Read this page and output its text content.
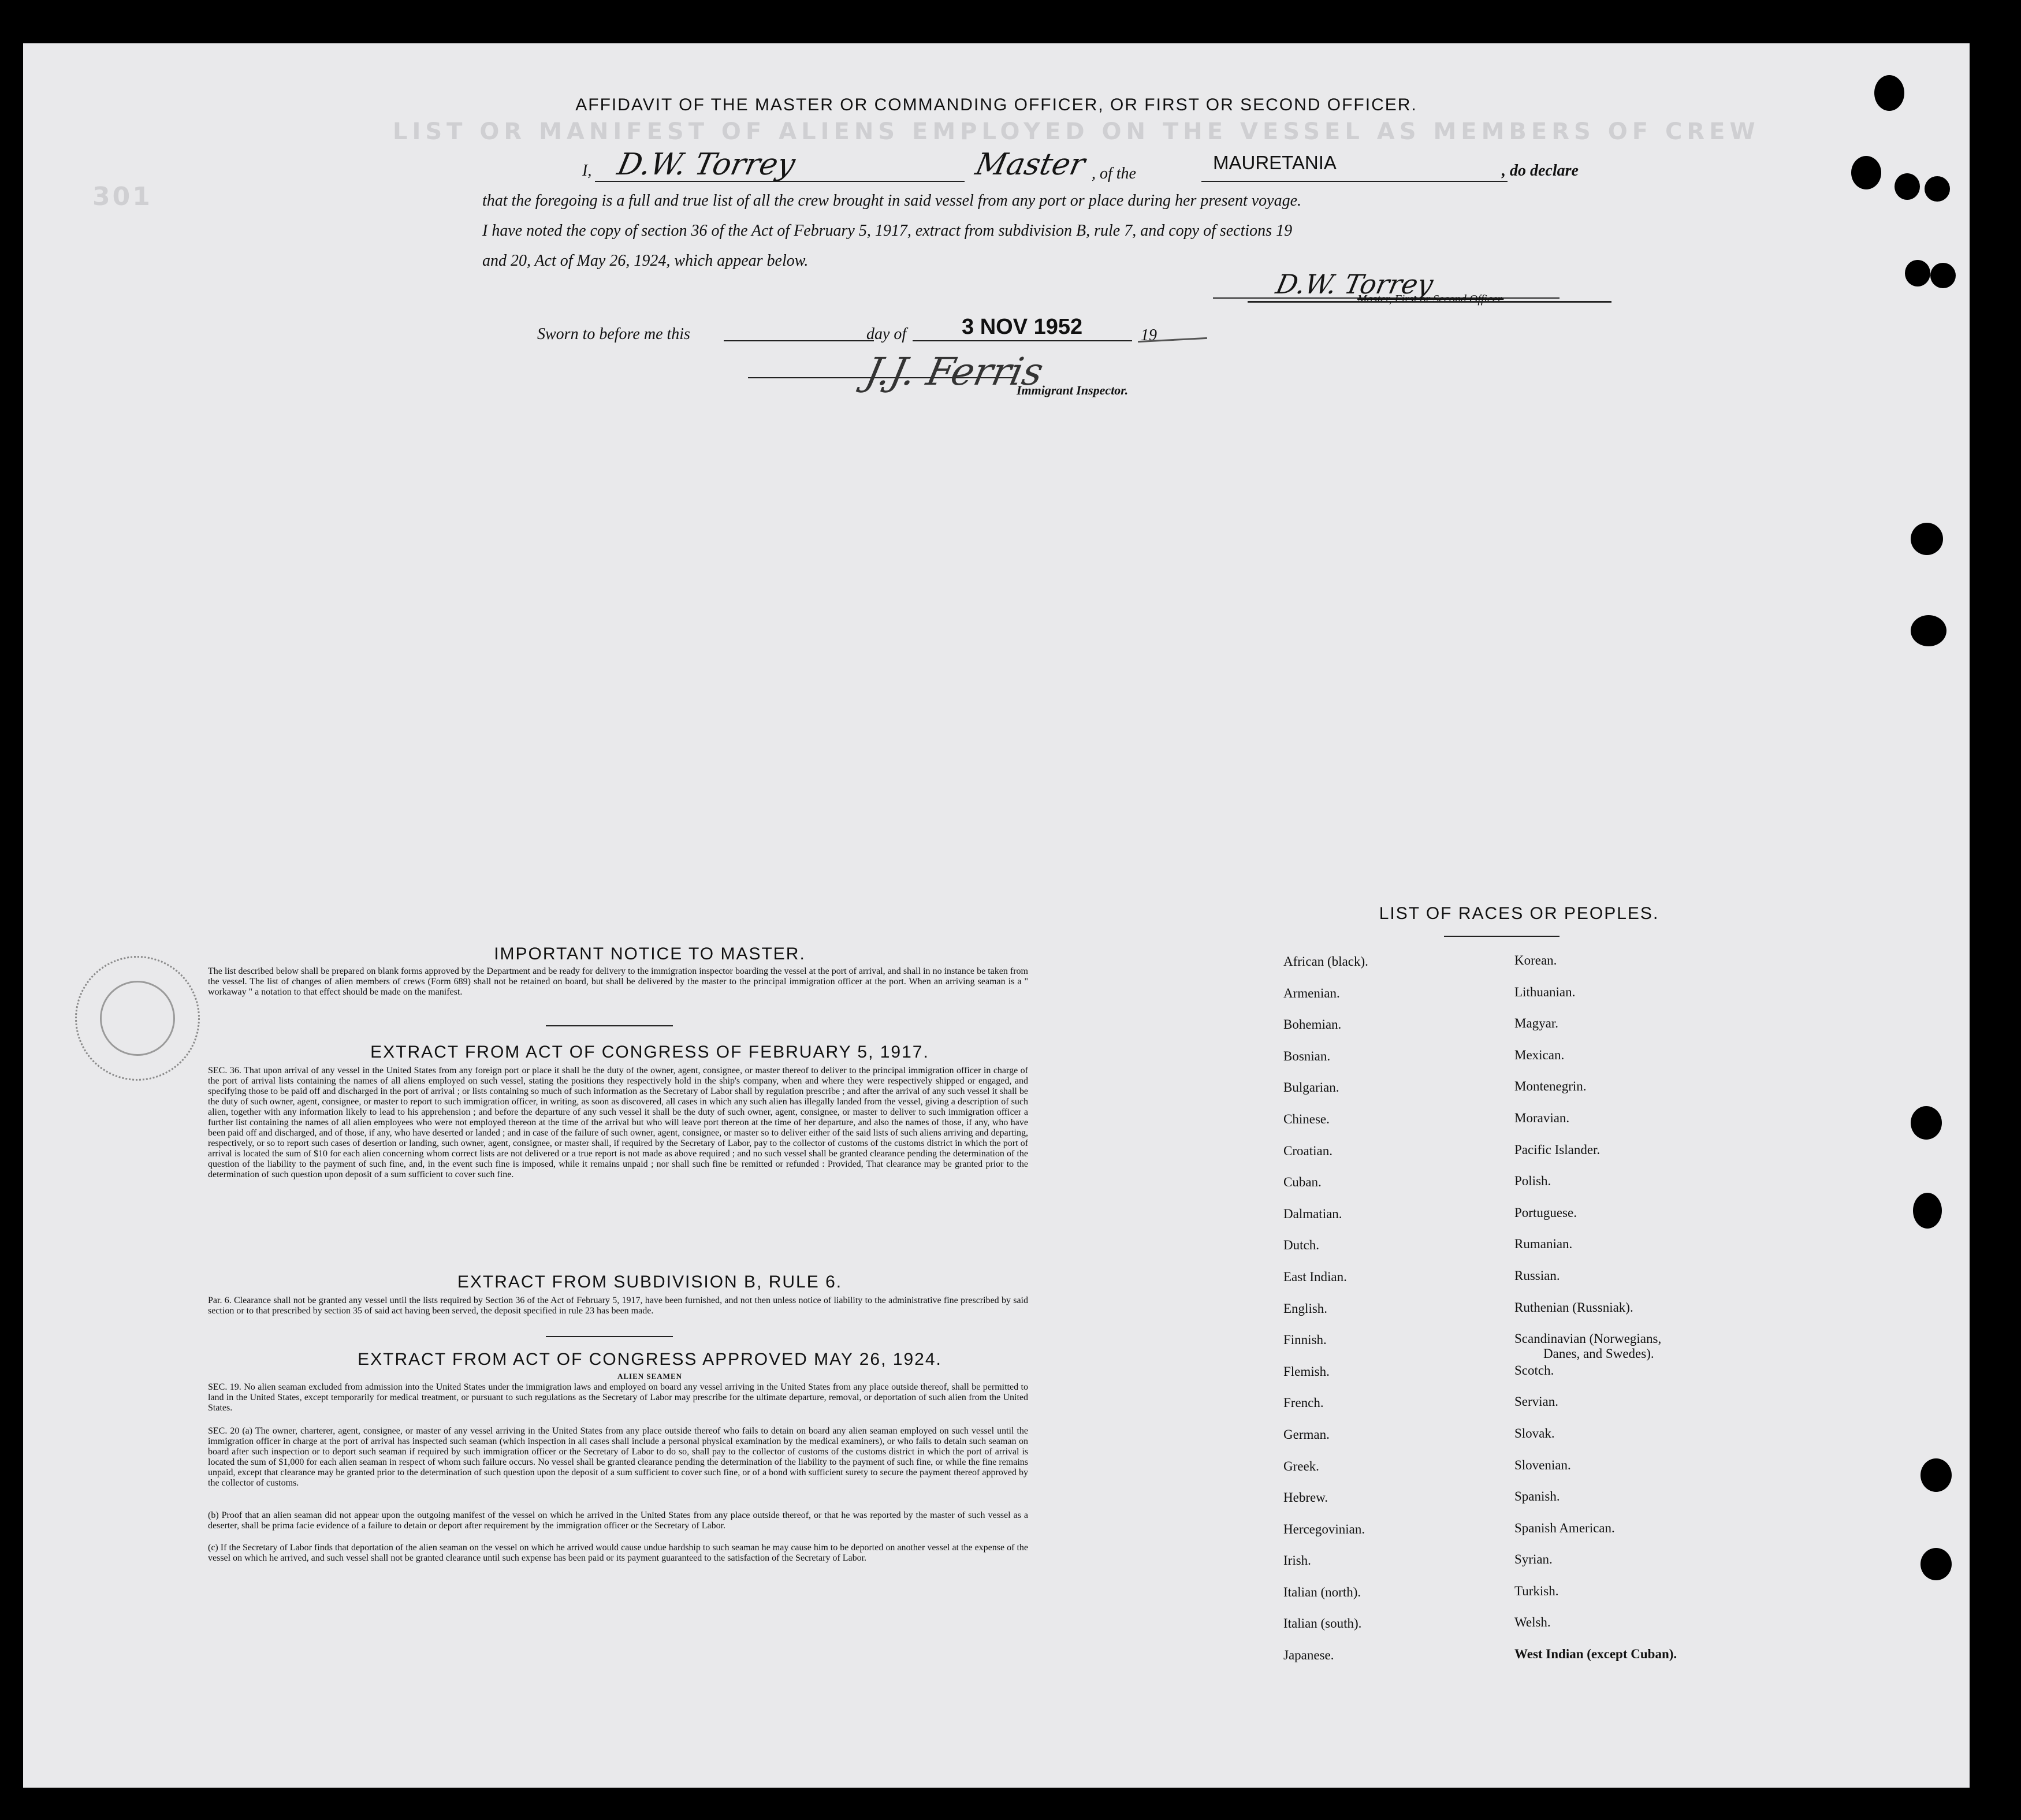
LIST OR MANIFEST OF ALIENS EMPLOYED ON THE VESSEL AS MEMBERS OF CREW
301
AFFIDAVIT OF THE MASTER OR COMMANDING OFFICER, OR FIRST OR SECOND OFFICER.
I, D.W. Torrey	Master , of the
MAURETANIA	, do declare
that the foregoing is a full and true list of all the crew brought in said vessel from any port or place during her present voyage.
I have noted the copy of section 36 of the Act of February 5, 1917, extract from subdivision B, rule 7, and copy of sections 19
and 20, Act of May 26, 1924, which appear below.
D.W. Torrey
Master, First or Second Officer.
Sworn to before me this	day of	3 NOV 1952	19
J.J. Ferris
Immigrant Inspector.
IMPORTANT NOTICE TO MASTER.
The list described below shall be prepared on blank forms approved by the Department and be ready for delivery to the immigration inspector boarding the vessel at the port of arrival, and shall in no instance be taken from the vessel. The list of changes of alien members of crews (Form 689) shall not be retained on board, but shall be delivered by the master to the principal immigration officer at the port. When an arriving seaman is a " workaway " a notation to that effect should be made on the manifest.
EXTRACT FROM ACT OF CONGRESS OF FEBRUARY 5, 1917.
SEC. 36. That upon arrival of any vessel in the United States from any foreign port or place it shall be the duty of the owner, agent, consignee, or master thereof to deliver to the principal immigration officer in charge of the port of arrival lists containing the names of all aliens employed on such vessel, stating the positions they respectively hold in the ship's company, when and where they were respectively shipped or engaged, and specifying those to be paid off and discharged in the port of arrival ; or lists containing so much of such information as the Secretary of Labor shall by regulation prescribe ; and after the arrival of any such vessel it shall be the duty of such owner, agent, consignee, or master to report to such immigration officer, in writing, as soon as discovered, all cases in which any such alien has illegally landed from the vessel, giving a description of such alien, together with any information likely to lead to his apprehension ; and before the departure of any such vessel it shall be the duty of such owner, agent, consignee, or master to deliver to such immigration officer a further list containing the names of all alien employees who were not employed thereon at the time of the arrival but who will leave port thereon at the time of her departure, and also the names of those, if any, who have been paid off and discharged, and of those, if any, who have deserted or landed ; and in case of the failure of such owner, agent, consignee, or master so to deliver either of the said lists of such aliens arriving and departing, respectively, or so to report such cases of desertion or landing, such owner, agent, consignee, or master shall, if required by the Secretary of Labor, pay to the collector of customs of the customs district in which the port of arrival is located the sum of $10 for each alien concerning whom correct lists are not delivered or a true report is not made as above required ; and no such vessel shall be granted clearance pending the determination of the question of the liability to the payment of such fine, and, in the event such fine is imposed, while it remains unpaid ; nor shall such fine be remitted or refunded : Provided, That clearance may be granted prior to the determination of such question upon deposit of a sum sufficient to cover such fine.
EXTRACT FROM SUBDIVISION B, RULE 6.
Par. 6. Clearance shall not be granted any vessel until the lists required by Section 36 of the Act of February 5, 1917, have been furnished, and not then unless notice of liability to the administrative fine prescribed by said section or to that prescribed by section 35 of said act having been served, the deposit specified in rule 23 has been made.
EXTRACT FROM ACT OF CONGRESS APPROVED MAY 26, 1924.
ALIEN SEAMEN
SEC. 19. No alien seaman excluded from admission into the United States under the immigration laws and employed on board any vessel arriving in the United States from any place outside thereof, shall be permitted to land in the United States, except temporarily for medical treatment, or pursuant to such regulations as the Secretary of Labor may prescribe for the ultimate departure, removal, or deportation of such alien from the United States.
SEC. 20 (a) The owner, charterer, agent, consignee, or master of any vessel arriving in the United States from any place outside thereof who fails to detain on board any alien seaman employed on such vessel until the immigration officer in charge at the port of arrival has inspected such seaman (which inspection in all cases shall include a personal physical examination by the medical examiners), or who fails to detain such seaman on board after such inspection or to deport such seaman if required by such immigration officer or the Secretary of Labor to do so, shall pay to the collector of customs of the customs district in which the port of arrival is located the sum of $1,000 for each alien seaman in respect of whom such failure occurs. No vessel shall be granted clearance pending the determination of the liability to the payment of such fine, or while the fine remains unpaid, except that clearance may be granted prior to the determination of such question upon the deposit of a sum sufficient to cover such fine, or of a bond with sufficient surety to secure the payment thereof approved by the collector of customs.
(b) Proof that an alien seaman did not appear upon the outgoing manifest of the vessel on which he arrived in the United States from any place outside thereof, or that he was reported by the master of such vessel as a deserter, shall be prima facie evidence of a failure to detain or deport after requirement by the immigration officer or the Secretary of Labor.
(c) If the Secretary of Labor finds that deportation of the alien seaman on the vessel on which he arrived would cause undue hardship to such seaman he may cause him to be deported on another vessel at the expense of the vessel on which he arrived, and such vessel shall not be granted clearance until such expense has been paid or its payment guaranteed to the satisfaction of the Secretary of Labor.
LIST OF RACES OR PEOPLES.
African (black).
Armenian.
Bohemian.
Bosnian.
Bulgarian.
Chinese.
Croatian.
Cuban.
Dalmatian.
Dutch.
East Indian.
English.
Finnish.
Flemish.
French.
German.
Greek.
Hebrew.
Hercegovinian.
Irish.
Italian (north).
Italian (south).
Japanese.
Korean.
Lithuanian.
Magyar.
Mexican.
Montenegrin.
Moravian.
Pacific Islander.
Polish.
Portuguese.
Rumanian.
Russian.
Ruthenian (Russniak).
Scandinavian (Norwegians,
Danes, and Swedes).
Scotch.
Servian.
Slovak.
Slovenian.
Spanish.
Spanish American.
Syrian.
Turkish.
Welsh.
West Indian (except Cuban).
